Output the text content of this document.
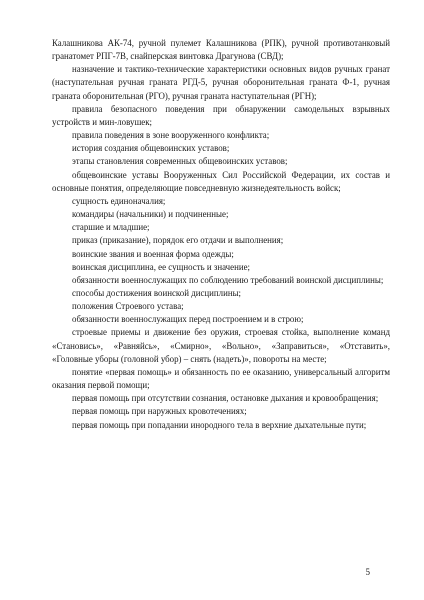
Калашникова АК-74, ручной пулемет Калашникова (РПК), ручной противотанковый гранатомет РПГ-7В, снайперская винтовка Драгунова (СВД);

назначение и тактико-технические характеристики основных видов ручных гранат (наступательная ручная граната РГД-5, ручная оборонительная граната Ф-1, ручная граната оборонительная (РГО), ручная граната наступательная (РГН);

правила безопасного поведения при обнаружении самодельных взрывных устройств и мин-ловушек;

правила поведения в зоне вооруженного конфликта;

история создания общевоинских уставов;

этапы становления современных общевоинских уставов;

общевоинские уставы Вооруженных Сил Российской Федерации, их состав и основные понятия, определяющие повседневную жизнедеятельность войск;

сущность единоначалия;

командиры (начальники) и подчиненные;

старшие и младшие;

приказ (приказание), порядок его отдачи и выполнения;

воинские звания и военная форма одежды;

воинская дисциплина, ее сущность и значение;

обязанности военнослужащих по соблюдению требований воинской дисциплины;

способы достижения воинской дисциплины;

положения Строевого устава;

обязанности военнослужащих перед построением и в строю;

строевые приемы и движение без оружия, строевая стойка, выполнение команд «Становись», «Равняйсь», «Смирно», «Вольно», «Заправиться», «Отставить», «Головные уборы (головной убор) – снять (надеть)», повороты на месте;

понятие «первая помощь» и обязанность по ее оказанию, универсальный алгоритм оказания первой помощи;

первая помощь при отсутствии сознания, остановке дыхания и кровообращения;

первая помощь при наружных кровотечениях;

первая помощь при попадании инородного тела в верхние дыхательные пути;

5
